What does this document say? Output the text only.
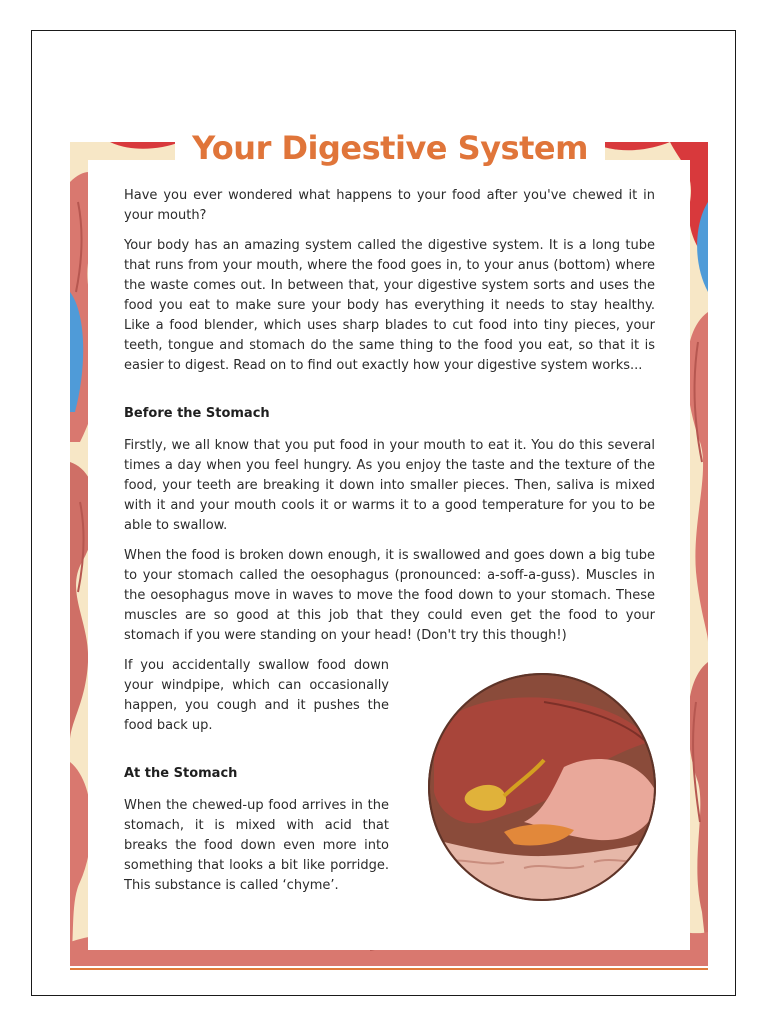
Your Digestive System

Have you ever wondered what happens to your food after you've chewed it in your mouth?

Your body has an amazing system called the digestive system. It is a long tube that runs from your mouth, where the food goes in, to your anus (bottom) where the waste comes out. In between that, your digestive system sorts and uses the food you eat to make sure your body has everything it needs to stay healthy. Like a food blender, which uses sharp blades to cut food into tiny pieces, your teeth, tongue and stomach do the same thing to the food you eat, so that it is easier to digest. Read on to find out exactly how your digestive system works...

Before the Stomach

Firstly, we all know that you put food in your mouth to eat it. You do this several times a day when you feel hungry. As you enjoy the taste and the texture of the food, your teeth are breaking it down into smaller pieces. Then, saliva is mixed with it and your mouth cools it or warms it to a good temperature for you to be able to swallow.

When the food is broken down enough, it is swallowed and goes down a big tube to your stomach called the oesophagus (pronounced: a-soff-a-guss). Muscles in the oesophagus move in waves to move the food down to your stomach. These muscles are so good at this job that they could even get the food to your stomach if you were standing on your head! (Don't try this though!)

If you accidentally swallow food down your windpipe, which can occasionally happen, you cough and it pushes the food back up.

At the Stomach

When the chewed-up food arrives in the stomach, it is mixed with acid that breaks the food down even more into something that looks a bit like porridge. This substance is called ‘chyme’.
